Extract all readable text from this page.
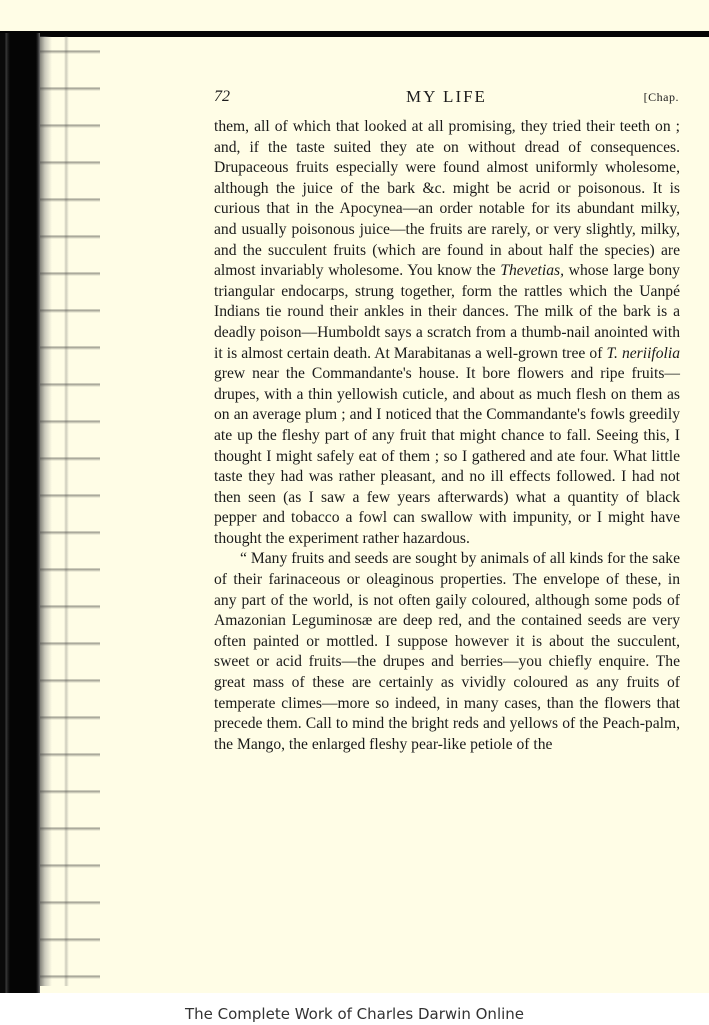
72	MY LIFE	[Chap.

them, all of which that looked at all promising, they tried their teeth on ; and, if the taste suited they ate on without dread of consequences. Drupaceous fruits especially were found almost uniformly wholesome, although the juice of the bark &c. might be acrid or poisonous. It is curious that in the Apocynea—an order notable for its abundant milky, and usually poisonous juice—the fruits are rarely, or very slightly, milky, and the succulent fruits (which are found in about half the species) are almost invariably wholesome. You know the Thevetias, whose large bony triangular endocarps, strung together, form the rattles which the Uanpé Indians tie round their ankles in their dances. The milk of the bark is a deadly poison—Humboldt says a scratch from a thumb-nail anointed with it is almost certain death. At Marabitanas a well-grown tree of T. neriifolia grew near the Commandante's house. It bore flowers and ripe fruits—drupes, with a thin yellowish cuticle, and about as much flesh on them as on an average plum ; and I noticed that the Commandante's fowls greedily ate up the fleshy part of any fruit that might chance to fall. Seeing this, I thought I might safely eat of them ; so I gathered and ate four. What little taste they had was rather pleasant, and no ill effects followed. I had not then seen (as I saw a few years afterwards) what a quantity of black pepper and tobacco a fowl can swallow with impunity, or I might have thought the experiment rather hazardous.

“ Many fruits and seeds are sought by animals of all kinds for the sake of their farinaceous or oleaginous properties. The envelope of these, in any part of the world, is not often gaily coloured, although some pods of Amazonian Leguminosæ are deep red, and the contained seeds are very often painted or mottled. I suppose however it is about the succulent, sweet or acid fruits—the drupes and berries—you chiefly enquire. The great mass of these are certainly as vividly coloured as any fruits of temperate climes—more so indeed, in many cases, than the flowers that precede them. Call to mind the bright reds and yellows of the Peach-palm, the Mango, the enlarged fleshy pear-like petiole of the

The Complete Work of Charles Darwin Online
